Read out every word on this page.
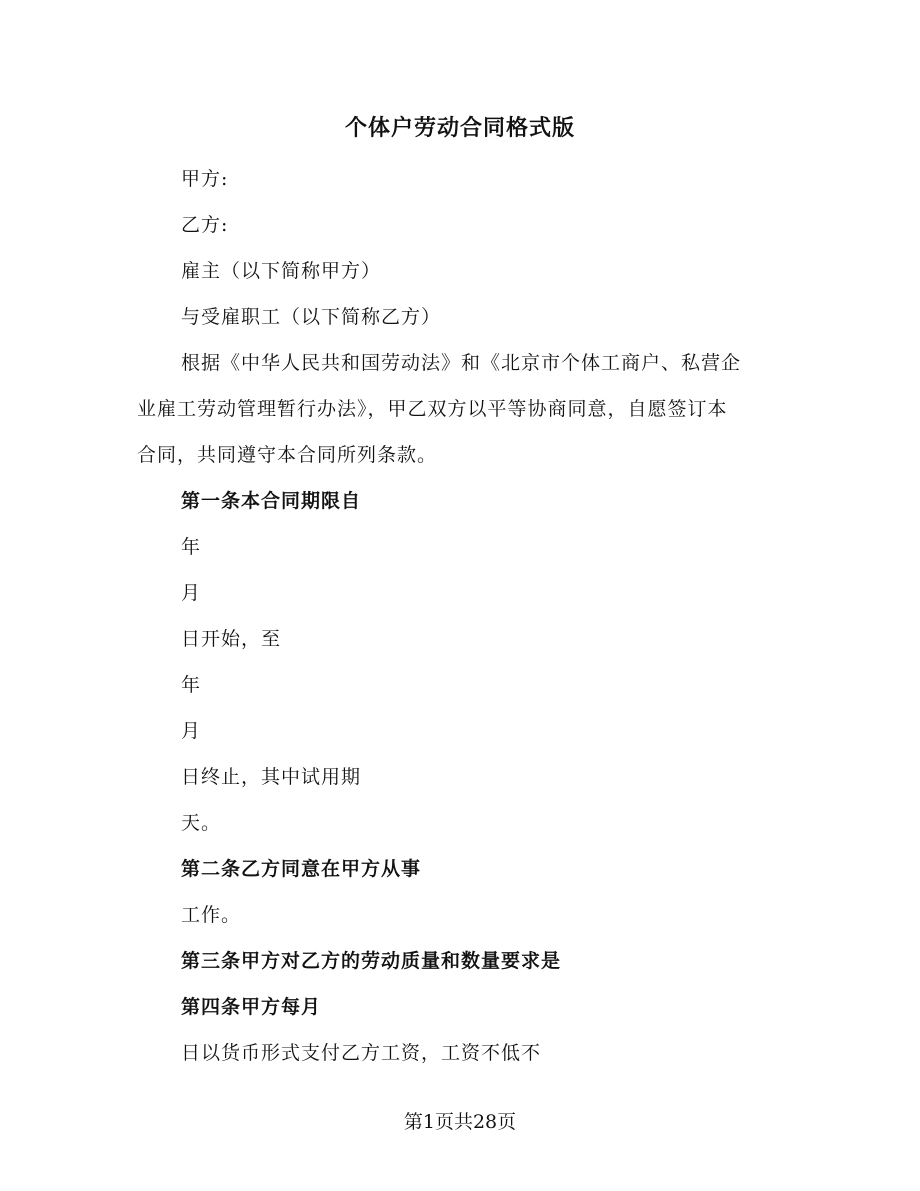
个体户劳动合同格式版
甲方:
乙方:
雇主（以下简称甲方）
与受雇职工（以下简称乙方）
根据《中华人民共和国劳动法》和《北京市个体工商户、私营企
业雇工劳动管理暂行办法》，甲乙双方以平等协商同意，自愿签订本
合同，共同遵守本合同所列条款。
第一条本合同期限自
年
月
日开始，至
年
月
日终止，其中试用期
天。
第二条乙方同意在甲方从事
工作。
第三条甲方对乙方的劳动质量和数量要求是
第四条甲方每月
日以货币形式支付乙方工资，工资不低不
第1页共28页
